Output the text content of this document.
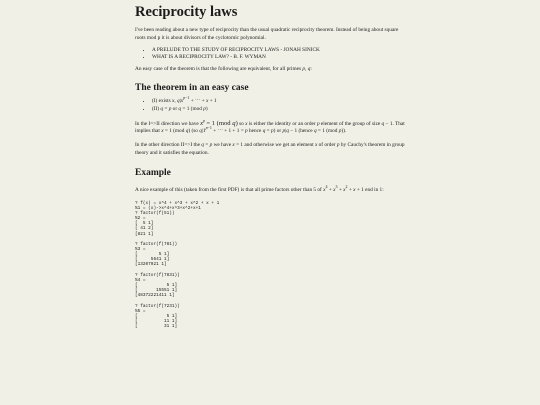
Reciprocity laws

I've been reading about a new type of reciprocity than the usual quadratic reciprocity theorem. Instead of being about square roots mod p it is about divisors of the cyclotomic polynomial.

• A PRELUDE TO THE STUDY OF RECIPROCITY LAWS - JONAH SINICK
• WHAT IS A RECIPROCITY LAW? - B. F. WYMAN

An easy case of the theorem is that the following are equivalent, for all primes p, q:

The theorem in an easy case
• (I) exists x, $q|x^{p-1}$ + ⋯ + x + 1
• (II) q = p or q = 1 (mod p)

In the I=>II direction we have $x^p = 1$ (mod q) so x is either the identity or an order p element of the group of size q − 1. That implies that x = 1 (mod q) (so $q|1^{p-1}$ + ⋯ + 1 + 1 = p hence q = p) or p|q − 1 (hence q = 1 (mod p)).

In the other direction II=>I the q = p we have x = 1 and otherwise we get an element x of order p by Cauchy's theorem in group theory and it satisfies the equation.

Example

A nice example of this (taken from the first PDF) is that all prime factors other than 5 of $x^4 + x^3 + x^2 + x + 1$ end in 1:

? f(x) = x^4 + x^3 + x^2 + x + 1
%1 = (x)->x^4+x^3+x^2+x+1
? factor(f(51))
%2 =
[  5 1]
[ 41 2]
[821 1]

? factor(f(781))
%3 =
[        5 1]
[     5641 1]
[13207921 1]

? factor(f(7831))
%4 =
[           5 1]
[       15551 1]
[48372221411 1]

? factor(f(7231))
%5 =
[           5 1]
[          11 1]
[          31 1]
